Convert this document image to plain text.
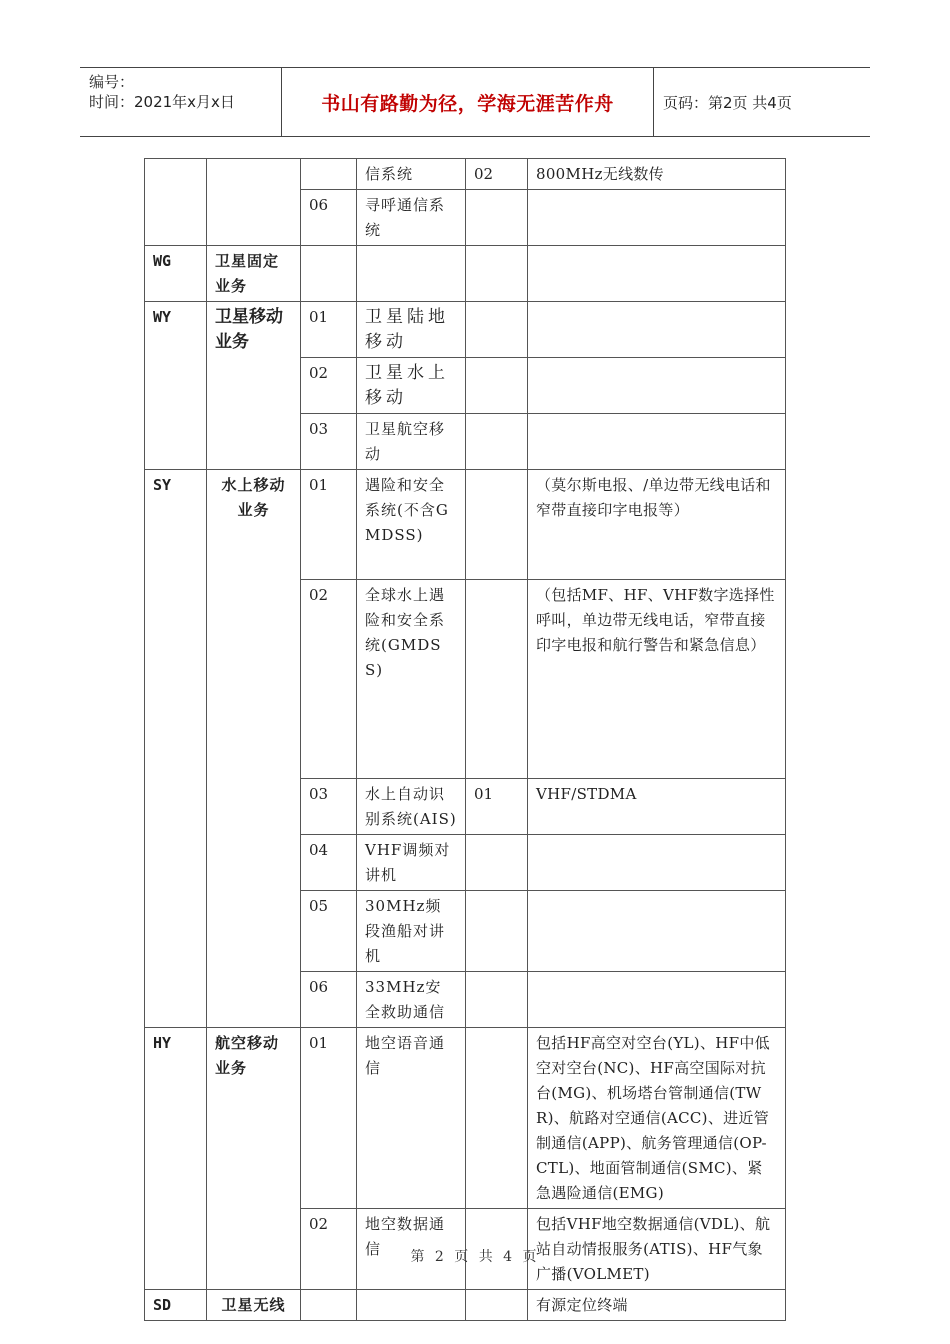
编号：
时间：2021年x月x日	书山有路勤为径，学海无涯苦作舟	页码：第2页 共4页
			信系统	02	800MHz无线数传
		06	寻呼通信系统		
WG	卫星固定业务				
WY	卫星移动业务	01	卫星陆地移动		
		02	卫星水上移动		
		03	卫星航空移动		
SY	水上移动业务	01	遇险和安全系统(不含GMDSS)		（莫尔斯电报、/单边带无线电话和窄带直接印字电报等）
		02	全球水上遇险和安全系统(GMDSS)		（包括MF、HF、VHF数字选择性呼叫，单边带无线电话，窄带直接印字电报和航行警告和紧急信息）
		03	水上自动识别系统(AIS)	01	VHF/STDMA
		04	VHF调频对讲机		
		05	30MHz频段渔船对讲机		
		06	33MHz安全救助通信		
HY	航空移动业务	01	地空语音通信		包括HF高空对空台(YL)、HF中低空对空台(NC)、HF高空国际对抗台(MG)、机场塔台管制通信(TWR)、航路对空通信(ACC)、进近管制通信(APP)、航务管理通信(OP-CTL)、地面管制通信(SMC)、紧急遇险通信(EMG)
		02	地空数据通信		包括VHF地空数据通信(VDL)、航站自动情报服务(ATIS)、HF气象广播(VOLMET)
SD	卫星无线				有源定位终端
第 2 页 共 4 页
